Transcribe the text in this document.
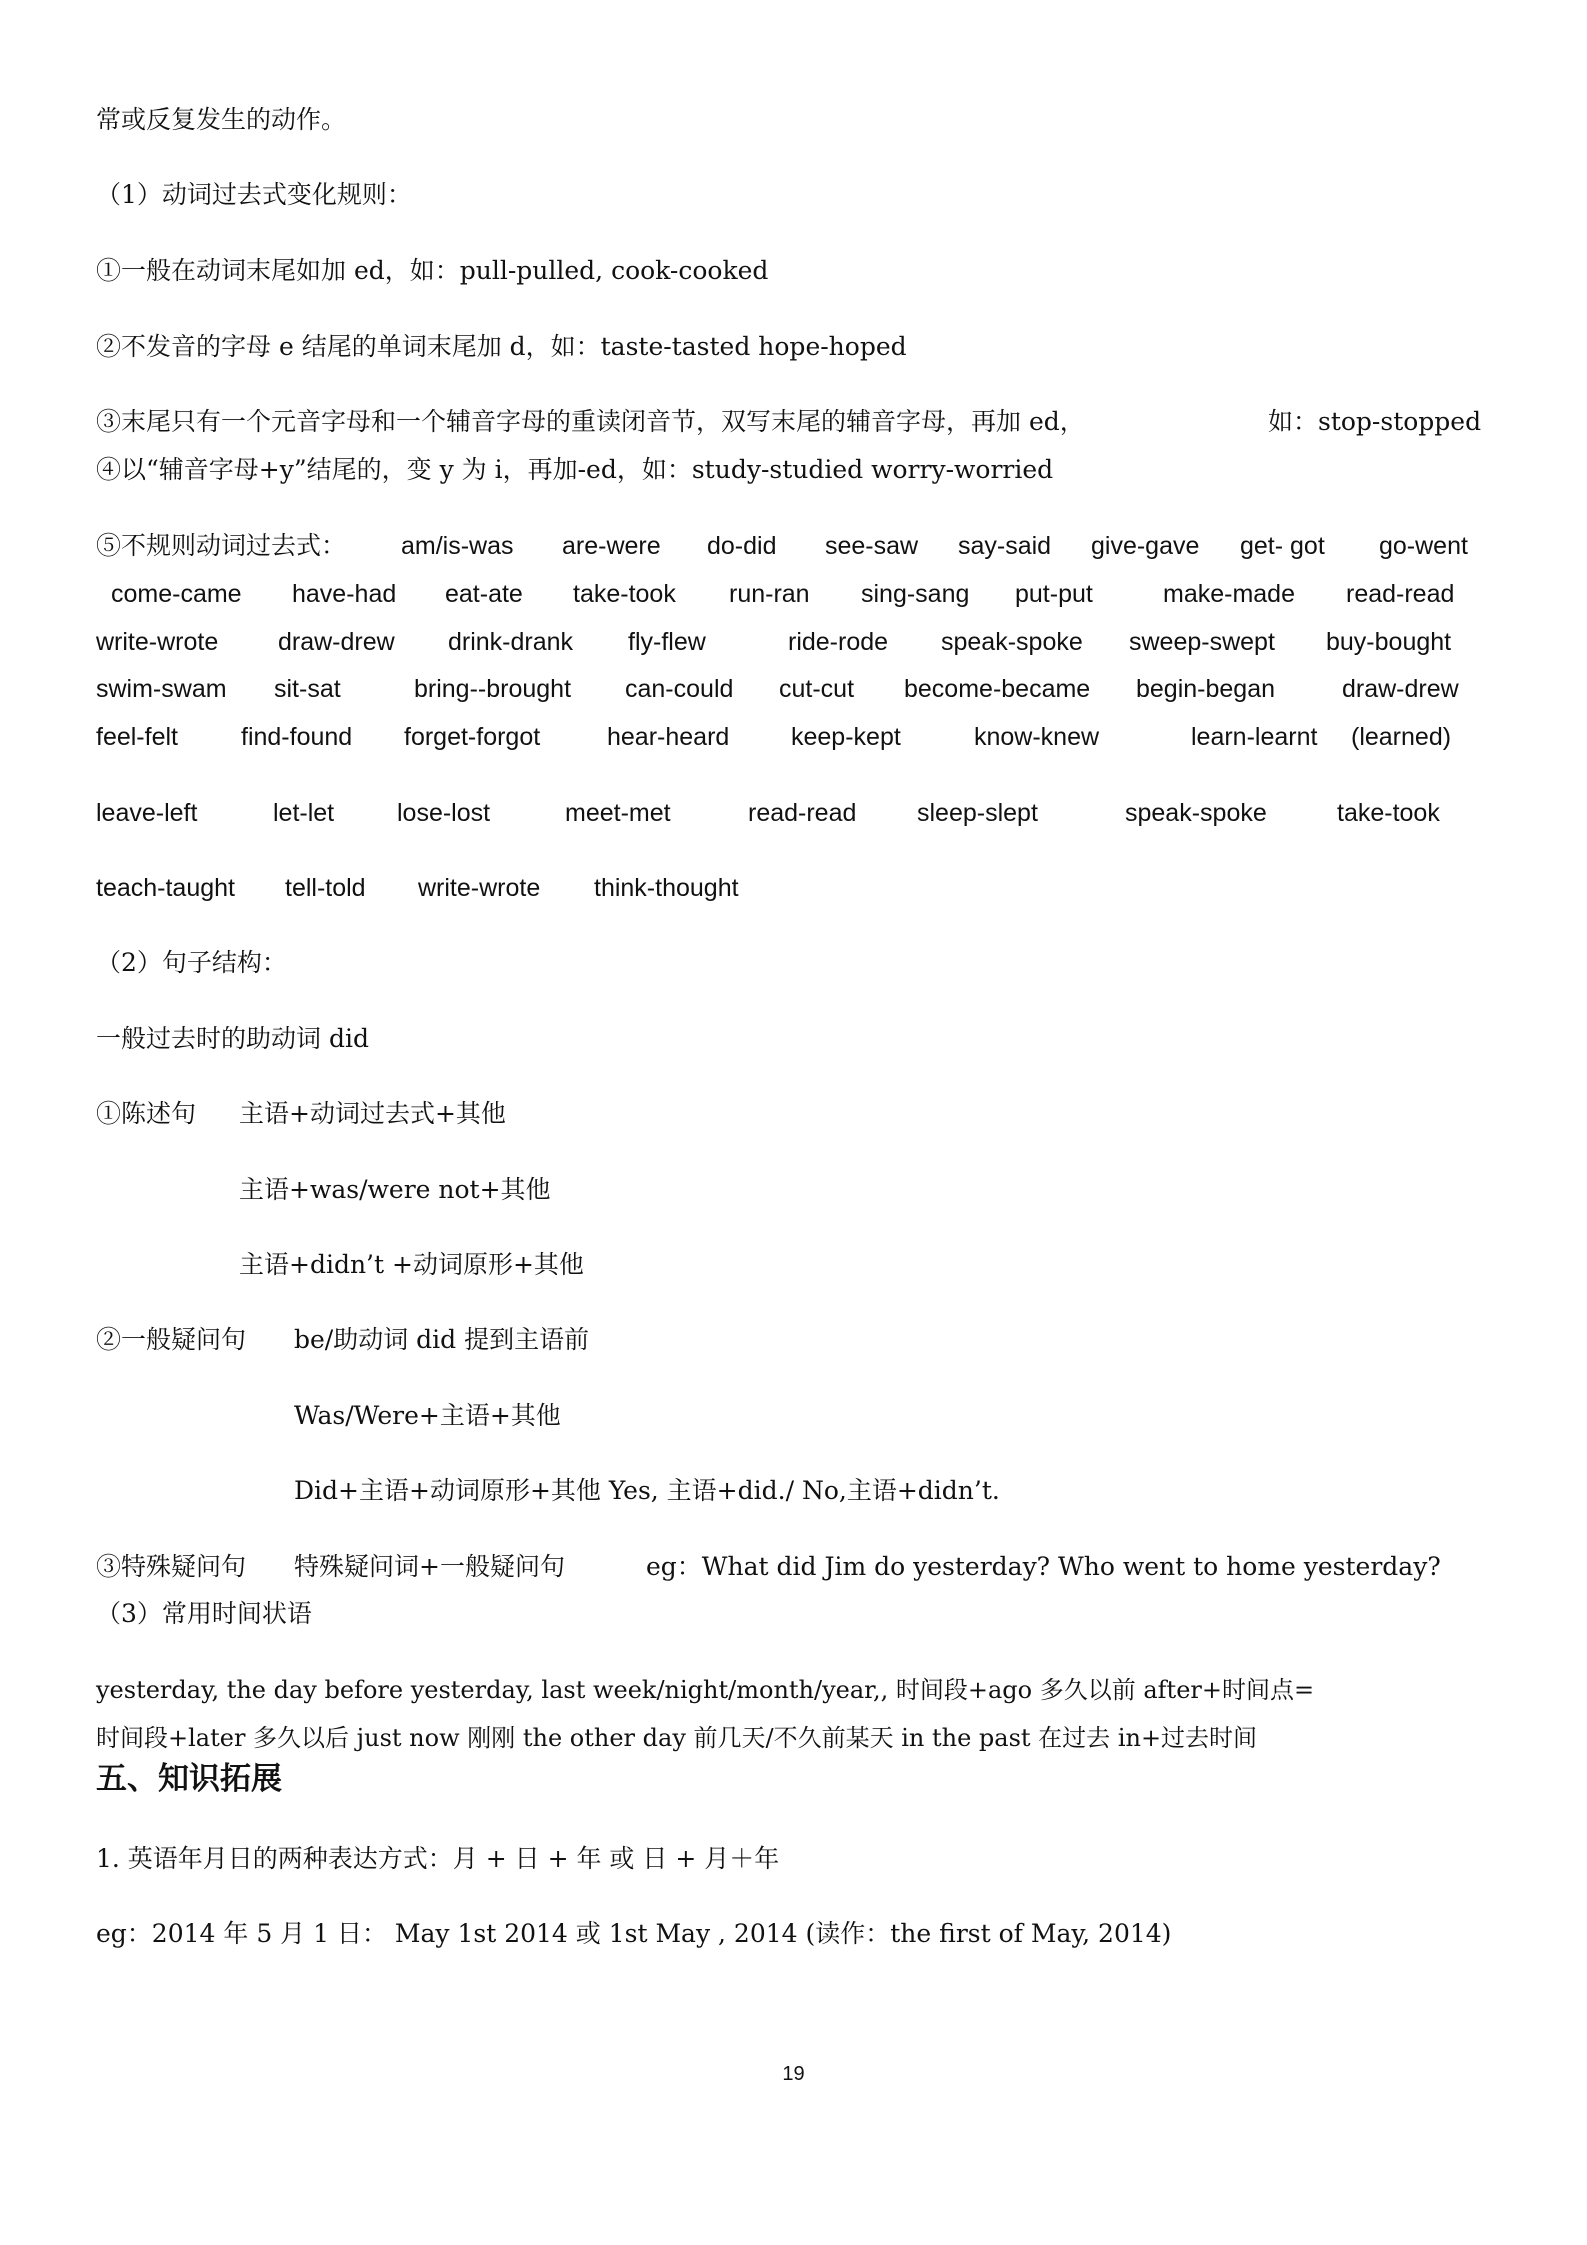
常或反复发生的动作。
（1）动词过去式变化规则：
①一般在动词末尾如加 ed，如：pull-pulled, cook-cooked
②不发音的字母 e 结尾的单词末尾加 d，如：taste-tasted hope-hoped
③末尾只有一个元音字母和一个辅音字母的重读闭音节，双写末尾的辅音字母，再加 ed，	如：stop-stopped
④以“辅音字母+y”结尾的，变 y 为 i，再加-ed，如：study-studied worry-worried
⑤不规则动词过去式： am/is-was are-were do-did see-saw say-said give-gave get- got go-went
come-came have-had eat-ate take-took run-ran sing-sang put-put	make-made read-read
write-wrote draw-drew drink-drank fly-flew	ride-rode speak-spoke sweep-swept buy-bought
swim-swam sit-sat	bring--brought can-could cut-cut become-became begin-began	draw-drew
feel-felt	find-found forget-forgot	hear-heard keep-kept	know-knew	learn-learnt (learned)
leave-left	let-let	lose-lost	meet-met	read-read sleep-slept	speak-spoke	take-took
teach-taught tell-told write-wrote think-thought
（2）句子结构：
一般过去时的助动词 did
①陈述句 主语+动词过去式+其他
主语+was/were not+其他
主语+didn’t +动词原形+其他
②一般疑问句 be/助动词 did 提到主语前
Was/Were+主语+其他
Did+主语+动词原形+其他 Yes, 主语+did./ No,主语+didn’t.
③特殊疑问句 特殊疑问词+一般疑问句	eg：What did Jim do yesterday? Who went to home yesterday?
（3）常用时间状语
yesterday, the day before yesterday, last week/night/month/year,, 时间段+ago 多久以前 after+时间点=
时间段+later 多久以后 just now 刚刚 the other day 前几天/不久前某天 in the past 在过去 in+过去时间
五、知识拓展
1. 英语年月日的两种表达方式：月 + 日 + 年 或 日 + 月＋年
eg：2014 年 5 月 1 日： May 1st 2014 或 1st May , 2014 (读作：the first of May, 2014)
19
